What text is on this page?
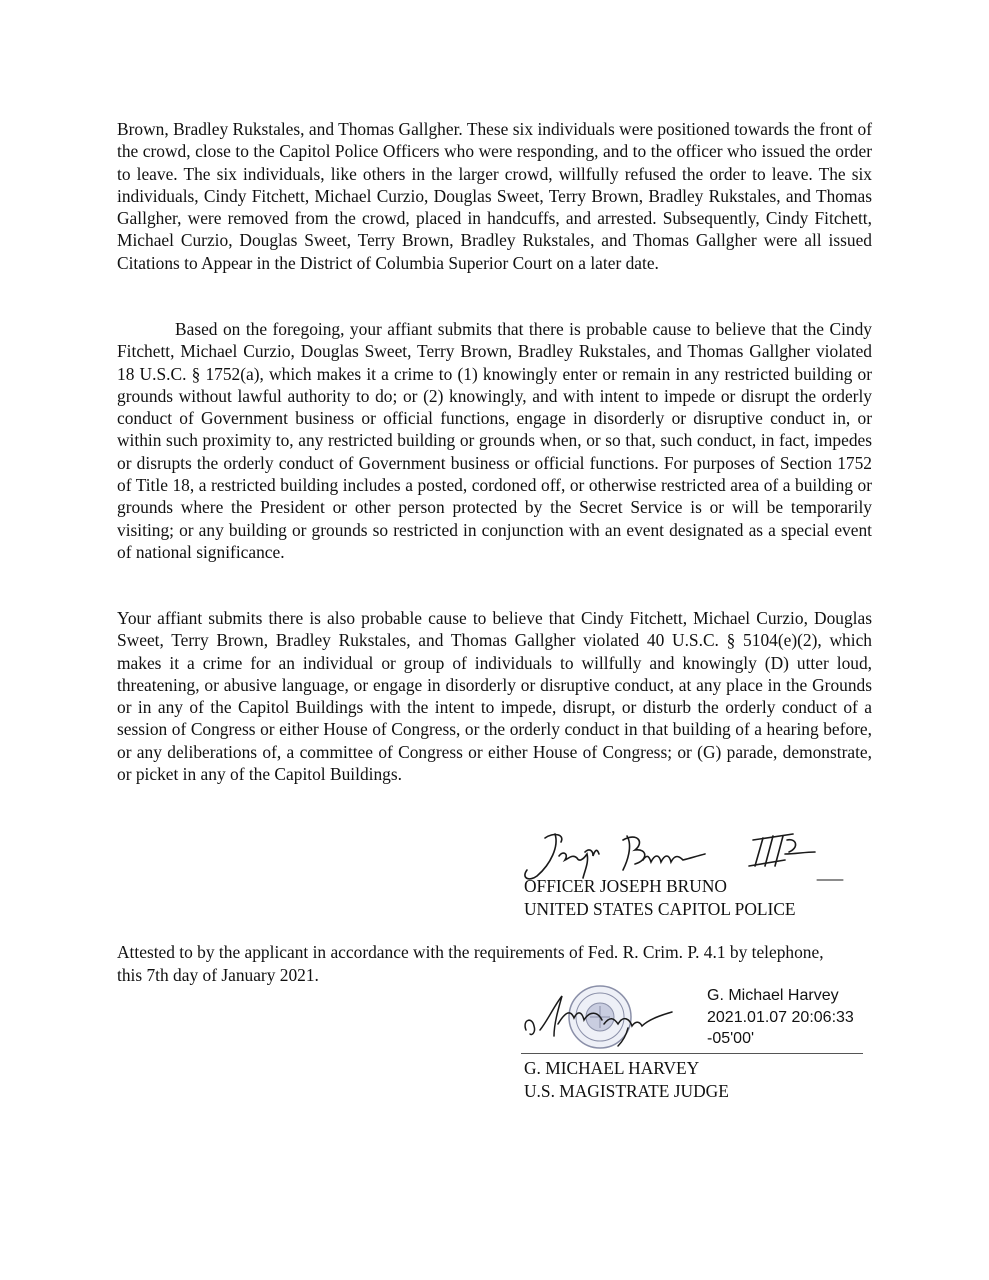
Brown, Bradley Rukstales, and Thomas Gallgher. These six individuals were positioned towards the front of the crowd, close to the Capitol Police Officers who were responding, and to the officer who issued the order to leave. The six individuals, like others in the larger crowd, willfully refused the order to leave. The six individuals, Cindy Fitchett, Michael Curzio, Douglas Sweet, Terry Brown, Bradley Rukstales, and Thomas Gallgher, were removed from the crowd, placed in handcuffs, and arrested. Subsequently, Cindy Fitchett, Michael Curzio, Douglas Sweet, Terry Brown, Bradley Rukstales, and Thomas Gallgher were all issued Citations to Appear in the District of Columbia Superior Court on a later date.

Based on the foregoing, your affiant submits that there is probable cause to believe that the Cindy Fitchett, Michael Curzio, Douglas Sweet, Terry Brown, Bradley Rukstales, and Thomas Gallgher violated 18 U.S.C. § 1752(a), which makes it a crime to (1) knowingly enter or remain in any restricted building or grounds without lawful authority to do; or (2) knowingly, and with intent to impede or disrupt the orderly conduct of Government business or official functions, engage in disorderly or disruptive conduct in, or within such proximity to, any restricted building or grounds when, or so that, such conduct, in fact, impedes or disrupts the orderly conduct of Government business or official functions. For purposes of Section 1752 of Title 18, a restricted building includes a posted, cordoned off, or otherwise restricted area of a building or grounds where the President or other person protected by the Secret Service is or will be temporarily visiting; or any building or grounds so restricted in conjunction with an event designated as a special event of national significance.

Your affiant submits there is also probable cause to believe that Cindy Fitchett, Michael Curzio, Douglas Sweet, Terry Brown, Bradley Rukstales, and Thomas Gallgher violated 40 U.S.C. § 5104(e)(2), which makes it a crime for an individual or group of individuals to willfully and knowingly (D) utter loud, threatening, or abusive language, or engage in disorderly or disruptive conduct, at any place in the Grounds or in any of the Capitol Buildings with the intent to impede, disrupt, or disturb the orderly conduct of a session of Congress or either House of Congress, or the orderly conduct in that building of a hearing before, or any deliberations of, a committee of Congress or either House of Congress; or (G) parade, demonstrate, or picket in any of the Capitol Buildings.

OFFICER JOSEPH BRUNO
UNITED STATES CAPITOL POLICE

Attested to by the applicant in accordance with the requirements of Fed. R. Crim. P. 4.1 by telephone, this 7th day of January 2021.

G. Michael Harvey
2021.01.07 20:06:33
-05'00'
G. MICHAEL HARVEY
U.S. MAGISTRATE JUDGE
